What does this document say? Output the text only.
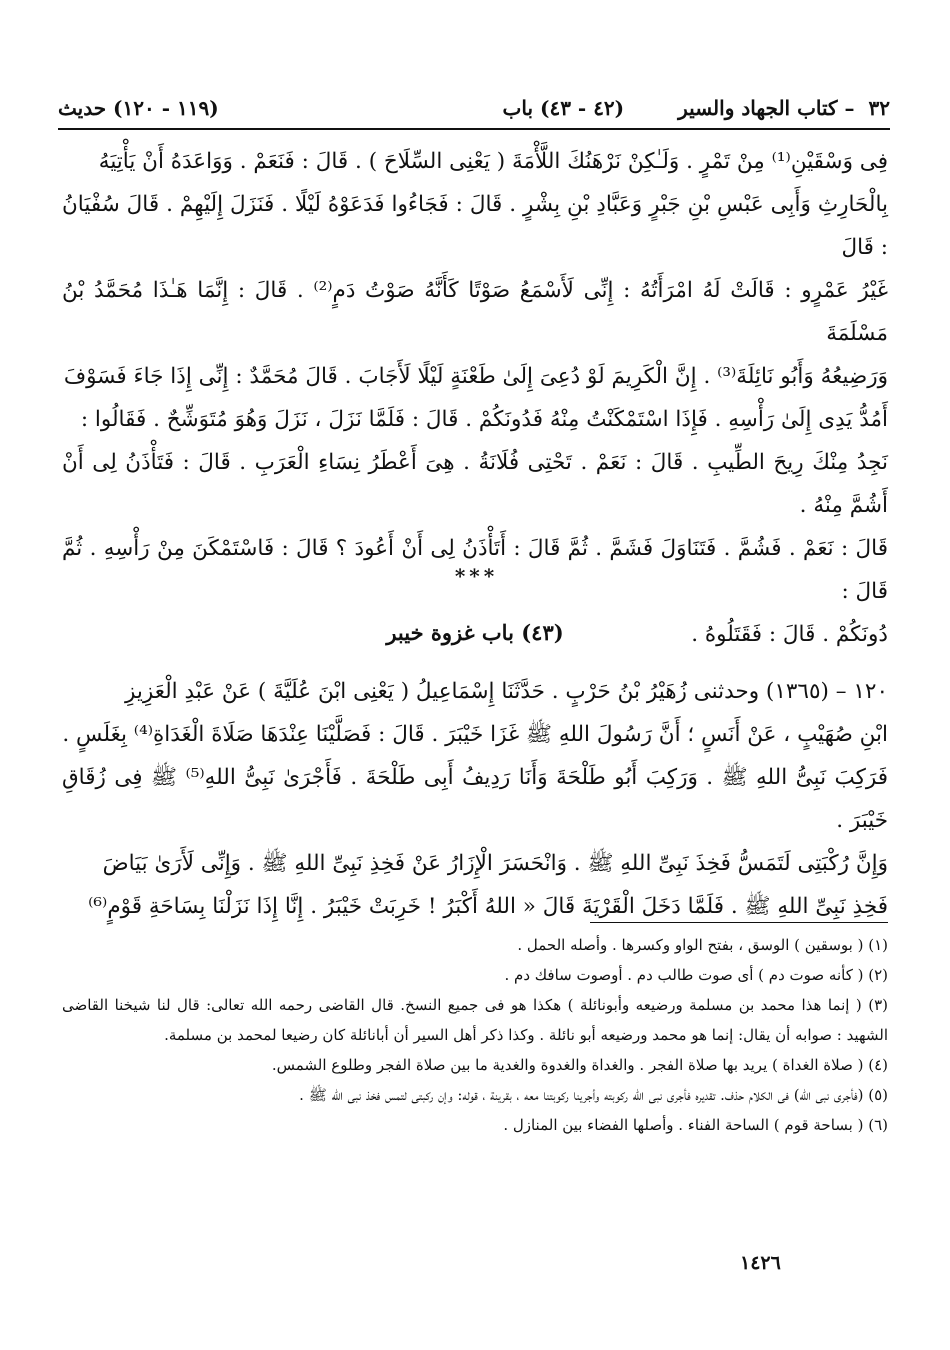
٣٢
– كتاب الجهاد والسير
(٤٢ - ٤٣) باب
(١١٩ - ١٢٠) حديث

فِى وَسْقَيْنِ⁽¹⁾ مِنْ تَمْرٍ . وَلَـٰكِنْ نَرْهَنُكَ اللَّأْمَةَ ( يَعْنِى السِّلَاحَ ) . قَالَ : فَنَعَمْ . وَوَاعَدَهُ أَنْ يَأْتِيَهُ

بِالْحَارِثِ وَأَبِى عَبْسِ بْنِ جَبْرٍ وَعَبَّادِ بْنِ بِشْرٍ . قَالَ : فَجَاءُوا فَدَعَوْهُ لَيْلًا . فَنَزَلَ إِلَيْهِمْ . قَالَ سُفْيَانُ : قَالَ

غَيْرُ عَمْرٍو : قَالَتْ لَهُ امْرَأَتُهُ : إِنِّى لَأَسْمَعُ صَوْتًا كَأَنَّهُ صَوْتُ دَمٍ⁽²⁾ . قَالَ : إِنَّمَا هَـٰذَا مُحَمَّدُ بْنُ مَسْلَمَةَ

وَرَضِيعُهُ وَأَبُو نَائِلَةَ⁽³⁾ . إِنَّ الْكَرِيمَ لَوْ دُعِىَ إِلَىٰ طَعْنَةٍ لَيْلًا لَأَجَابَ . قَالَ مُحَمَّدٌ : إِنِّى إِذَا جَاءَ فَسَوْفَ

أَمُدُّ يَدِى إِلَىٰ رَأْسِهِ . فَإِذَا اسْتَمْكَنْتُ مِنْهُ فَدُونَكُمْ . قَالَ : فَلَمَّا نَزَلَ ، نَزَلَ وَهُوَ مُتَوَشِّحٌ . فَقَالُوا :

نَجِدُ مِنْكَ رِيحَ الطِّيبِ . قَالَ : نَعَمْ . تَحْتِى فُلَانَةُ . هِىَ أَعْطَرُ نِسَاءِ الْعَرَبِ . قَالَ : فَتَأْذَنُ لِى أَنْ أَشُمَّ مِنْهُ .

قَالَ : نَعَمْ . فَشُمَّ . فَتَنَاوَلَ فَشَمَّ . ثُمَّ قَالَ : أَتَأْذَنُ لِى أَنْ أَعُودَ ؟ قَالَ : فَاسْتَمْكَنَ مِنْ رَأْسِهِ . ثُمَّ قَالَ :

دُونَكُمْ . قَالَ : فَقَتَلُوهُ .

* * *
(٤٣) باب غزوة خيبر

١٢٠ – (١٣٦٥) وحدثنى زُهَيْرُ بْنُ حَرْبٍ . حَدَّثَنَا إِسْمَاعِيلُ ( يَعْنِى ابْنَ عُلَيَّةَ ) عَنْ عَبْدِ الْعَزِيزِ

ابْنِ صُهَيْبٍ ، عَنْ أَنَسٍ ؛ أَنَّ رَسُولَ اللهِ ﷺ غَزَا خَيْبَرَ . قَالَ : فَصَلَّيْنَا عِنْدَهَا صَلَاةَ الْغَدَاةِ⁽⁴⁾ بِغَلَسٍ .

فَرَكِبَ نَبِىُّ اللهِ ﷺ . وَرَكِبَ أَبُو طَلْحَةَ وَأَنَا رَدِيفُ أَبِى طَلْحَةَ . فَأَجْرَىٰ نَبِىُّ اللهِ⁽⁵⁾ ﷺ فِى زُقَاقِ خَيْبَرَ .

وَإِنَّ رُكْبَتِى لَتَمَسُّ فَخِذَ نَبِىِّ اللهِ ﷺ . وَانْحَسَرَ الْإِزَارُ عَنْ فَخِذِ نَبِىِّ اللهِ ﷺ . وَإِنِّى لَأَرَىٰ بَيَاضَ

فَخِذِ نَبِىِّ اللهِ ﷺ . فَلَمَّا دَخَلَ الْقَرْيَةَ قَالَ « اللهُ أَكْبَرُ ! خَرِبَتْ خَيْبَرُ . إِنَّا إِذَا نَزَلْنَا بِسَاحَةِ قَوْمٍ⁽⁶⁾

(١) ( بوسقين ) الوسق ، بفتح الواو وكسرها . وأصله الحمل .

(٢) ( كأنه صوت دم ) أى صوت طالب دم . أوصوت سافك دم .

(٣) ( إنما هذا محمد بن مسلمة ورضيعه وأبونائلة ) هكذا هو فى جميع النسخ. قال القاضى رحمه الله تعالى: قال لنا شيخنا القاضى الشهيد : صوابه أن يقال: إنما هو محمد ورضيعه أبو نائلة . وكذا ذكر أهل السير أن أبانائلة كان رضيعا لمحمد بن مسلمة.

(٤) ( صلاة الغداة ) يريد بها صلاة الفجر . والغداة والغدوة والغدية ما بين صلاة الفجر وطلوع الشمس.

(٥) (فأجرى نبى الله) فى الكلام حذف. تقديره فأجرى نبى الله ركوبته وأجرينا ركوبتنا معه ، بقرينة ، قوله: وإن ركبتى لتمس فخذ نبى الله ﷺ .

(٦) ( بساحة قوم ) الساحة الفناء . وأصلها الفضاء بين المنازل .

١٤٢٦
